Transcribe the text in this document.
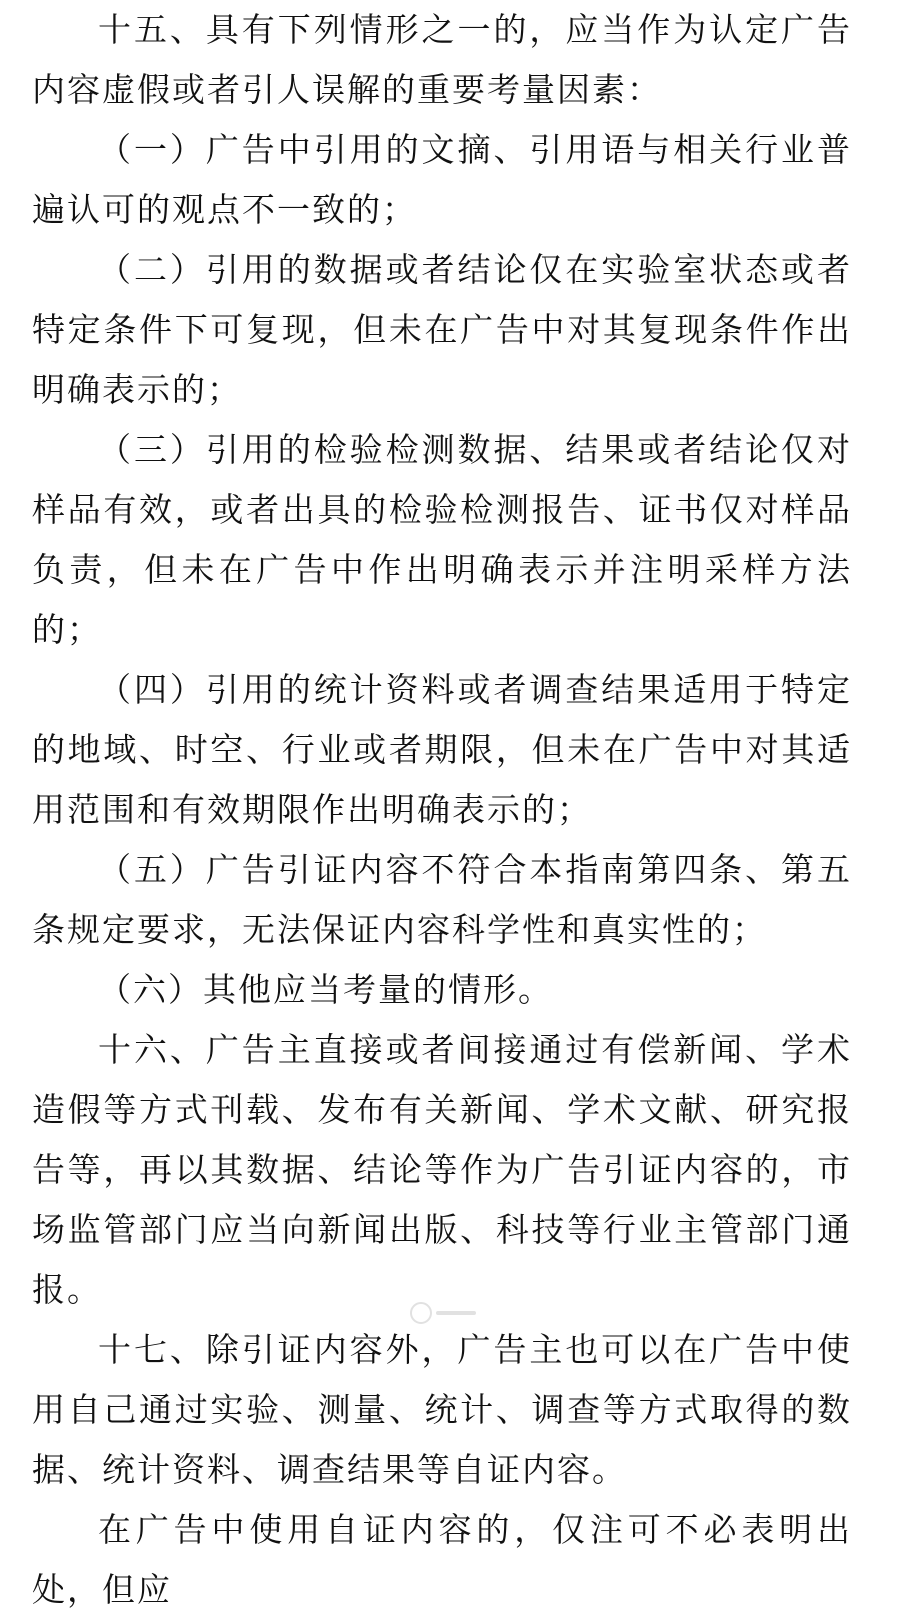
十五、具有下列情形之一的，应当作为认定广告内容虚假或者引人误解的重要考量因素：

（一）广告中引用的文摘、引用语与相关行业普遍认可的观点不一致的；

（二）引用的数据或者结论仅在实验室状态或者特定条件下可复现，但未在广告中对其复现条件作出明确表示的；

（三）引用的检验检测数据、结果或者结论仅对样品有效，或者出具的检验检测报告、证书仅对样品负责，但未在广告中作出明确表示并注明采样方法的；

（四）引用的统计资料或者调查结果适用于特定的地域、时空、行业或者期限，但未在广告中对其适用范围和有效期限作出明确表示的；

（五）广告引证内容不符合本指南第四条、第五条规定要求，无法保证内容科学性和真实性的；

（六）其他应当考量的情形。

十六、广告主直接或者间接通过有偿新闻、学术造假等方式刊载、发布有关新闻、学术文献、研究报告等，再以其数据、结论等作为广告引证内容的，市场监管部门应当向新闻出版、科技等行业主管部门通报。

十七、除引证内容外，广告主也可以在广告中使用自己通过实验、测量、统计、调查等方式取得的数据、统计资料、调查结果等自证内容。

在广告中使用自证内容的，仅注可不必表明出处，但应
